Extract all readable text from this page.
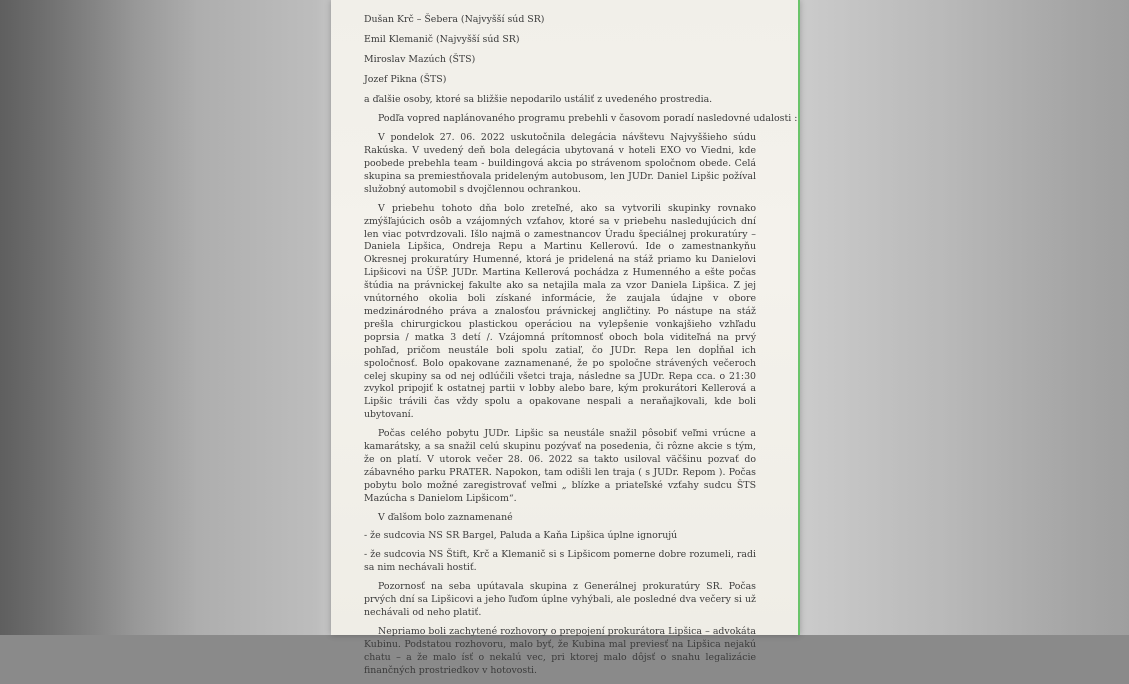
Dušan Krč – Šebera (Najvyšší súd SR)

Emil Klemanič (Najvyšší súd SR)

Miroslav Mazúch (ŠTS)

Jozef Pikna (ŠTS)

a ďalšie osoby, ktoré sa bližšie nepodarilo ustáliť z uvedeného prostredia.

Podľa vopred naplánovaného programu prebehli v časovom poradí nasledovné udalosti :

V pondelok 27. 06. 2022 uskutočnila delegácia návštevu Najvyššieho súdu Rakúska. V uvedený deň bola delegácia ubytovaná v hoteli EXO vo Viedni, kde poobede prebehla team - buildingová akcia po strávenom spoločnom obede. Celá skupina sa premiestňovala prideleným autobusom, len JUDr. Daniel Lipšic požíval služobný automobil s dvojčlennou ochrankou.

V priebehu tohoto dňa bolo zreteľné, ako sa vytvorili skupinky rovnako zmýšľajúcich osôb a vzájomných vzťahov, ktoré sa v priebehu nasledujúcich dní len viac potvrdzovali. Išlo najmä o zamestnancov Úradu špeciálnej prokuratúry – Daniela Lipšica, Ondreja Repu a Martinu Kellerovú. Ide o zamestnankyňu Okresnej prokuratúry Humenné, ktorá je pridelená na stáž priamo ku Danielovi Lipšicovi na ÚŠP. JUDr. Martina Kellerová pochádza z Humenného a ešte počas štúdia na právnickej fakulte ako sa netajila mala za vzor Daniela Lipšica. Z jej vnútorného okolia boli získané informácie, že zaujala údajne v obore medzinárodného práva a znalosťou právnickej angličtiny. Po nástupe na stáž prešla chirurgickou plastickou operáciou na vylepšenie vonkajšieho vzhľadu poprsia / matka 3 detí /. Vzájomná prítomnosť oboch bola viditeľná na prvý pohľad, pričom neustále boli spolu zatiaľ, čo JUDr. Repa len dopĺňal ich spoločnosť. Bolo opakovane zaznamenané, že po spoločne strávených večeroch celej skupiny sa od nej odlúčili všetci traja, následne sa JUDr. Repa cca. o 21:30 zvykol pripojiť k ostatnej partii v lobby alebo bare, kým prokurátori Kellerová a Lipšic trávili čas vždy spolu a opakovane nespali a neraňajkovali, kde boli ubytovaní.

Počas celého pobytu JUDr. Lipšic sa neustále snažil pôsobiť veľmi vrúcne a kamarátsky, a sa snažil celú skupinu pozývať na posedenia, či rôzne akcie s tým, že on platí. V utorok večer 28. 06. 2022 sa takto usiloval väčšinu pozvať do zábavného parku PRATER. Napokon, tam odišli len traja ( s JUDr. Repom ). Počas pobytu bolo možné zaregistrovať veľmi „ blízke a priateľské vzťahy sudcu ŠTS Mazúcha s Danielom Lipšicom“.

V ďalšom bolo zaznamenané

- že sudcovia NS SR Bargel, Paluda a Kaňa Lipšica úplne ignorujú

- že sudcovia NS Štift, Krč a Klemanič si s Lipšicom pomerne dobre rozumeli, radi sa nim nechávali hostiť.

Pozornosť na seba upútavala skupina z Generálnej prokuratúry SR. Počas prvých dní sa Lipšicovi a jeho ľuďom úplne vyhýbali, ale posledné dva večery si už nechávali od neho platiť.

Nepriamo boli zachytené rozhovory o prepojení prokurátora Lipšica – advokáta Kubinu. Podstatou rozhovoru, malo byť, že Kubina mal previesť na Lipšica nejakú chatu – a že malo ísť o nekalú vec, pri ktorej malo dôjsť o snahu legalizácie finančných prostriedkov v hotovosti.
